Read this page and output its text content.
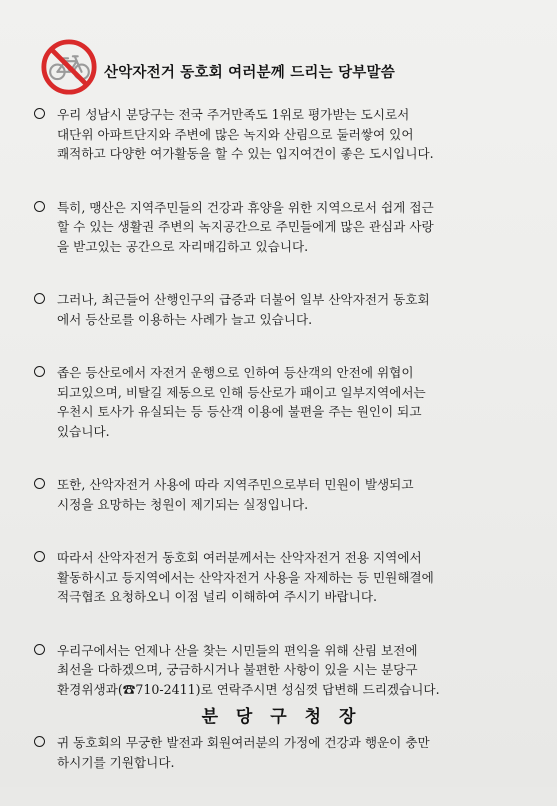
산악자전거 동호회 여러분께 드리는 당부말씀
우리 성남시 분당구는 전국 주거만족도 1위로 평가받는 도시로서
대단위 아파트단지와 주변에 많은 녹지와 산림으로 둘러쌓여 있어
쾌적하고 다양한 여가활동을 할 수 있는 입지여건이 좋은 도시입니다.
특히, 맹산은 지역주민들의 건강과 휴양을 위한 지역으로서 쉽게 접근
할 수 있는 생활권 주변의 녹지공간으로 주민들에게 많은 관심과 사랑
을 받고있는 공간으로 자리매김하고 있습니다.
그러나, 최근들어 산행인구의 급증과 더불어 일부 산악자전거 동호회
에서 등산로를 이용하는 사례가 늘고 있습니다.
좁은 등산로에서 자전거 운행으로 인하여 등산객의 안전에 위협이
되고있으며, 비탈길 제동으로 인해 등산로가 패이고 일부지역에서는
우천시 토사가 유실되는 등 등산객 이용에 불편을 주는 원인이 되고
있습니다.
또한, 산악자전거 사용에 따라 지역주민으로부터 민원이 발생되고
시정을 요망하는 청원이 제기되는 실정입니다.
따라서 산악자전거 동호회 여러분께서는 산악자전거 전용 지역에서
활동하시고 등지역에서는 산악자전거 사용을 자제하는 등 민원해결에
적극협조 요청하오니 이점 널리 이해하여 주시기 바랍니다.
우리구에서는 언제나 산을 찾는 시민들의 편익을 위해 산림 보전에
최선을 다하겠으며, 궁금하시거나 불편한 사항이 있을 시는 분당구
환경위생과(☎710-2411)로 연락주시면 성심껏 답변해 드리겠습니다.
귀 동호회의 무궁한 발전과 회원여러분의 가정에 건강과 행운이 충만
하시기를 기원합니다.
분 당 구 청 장
